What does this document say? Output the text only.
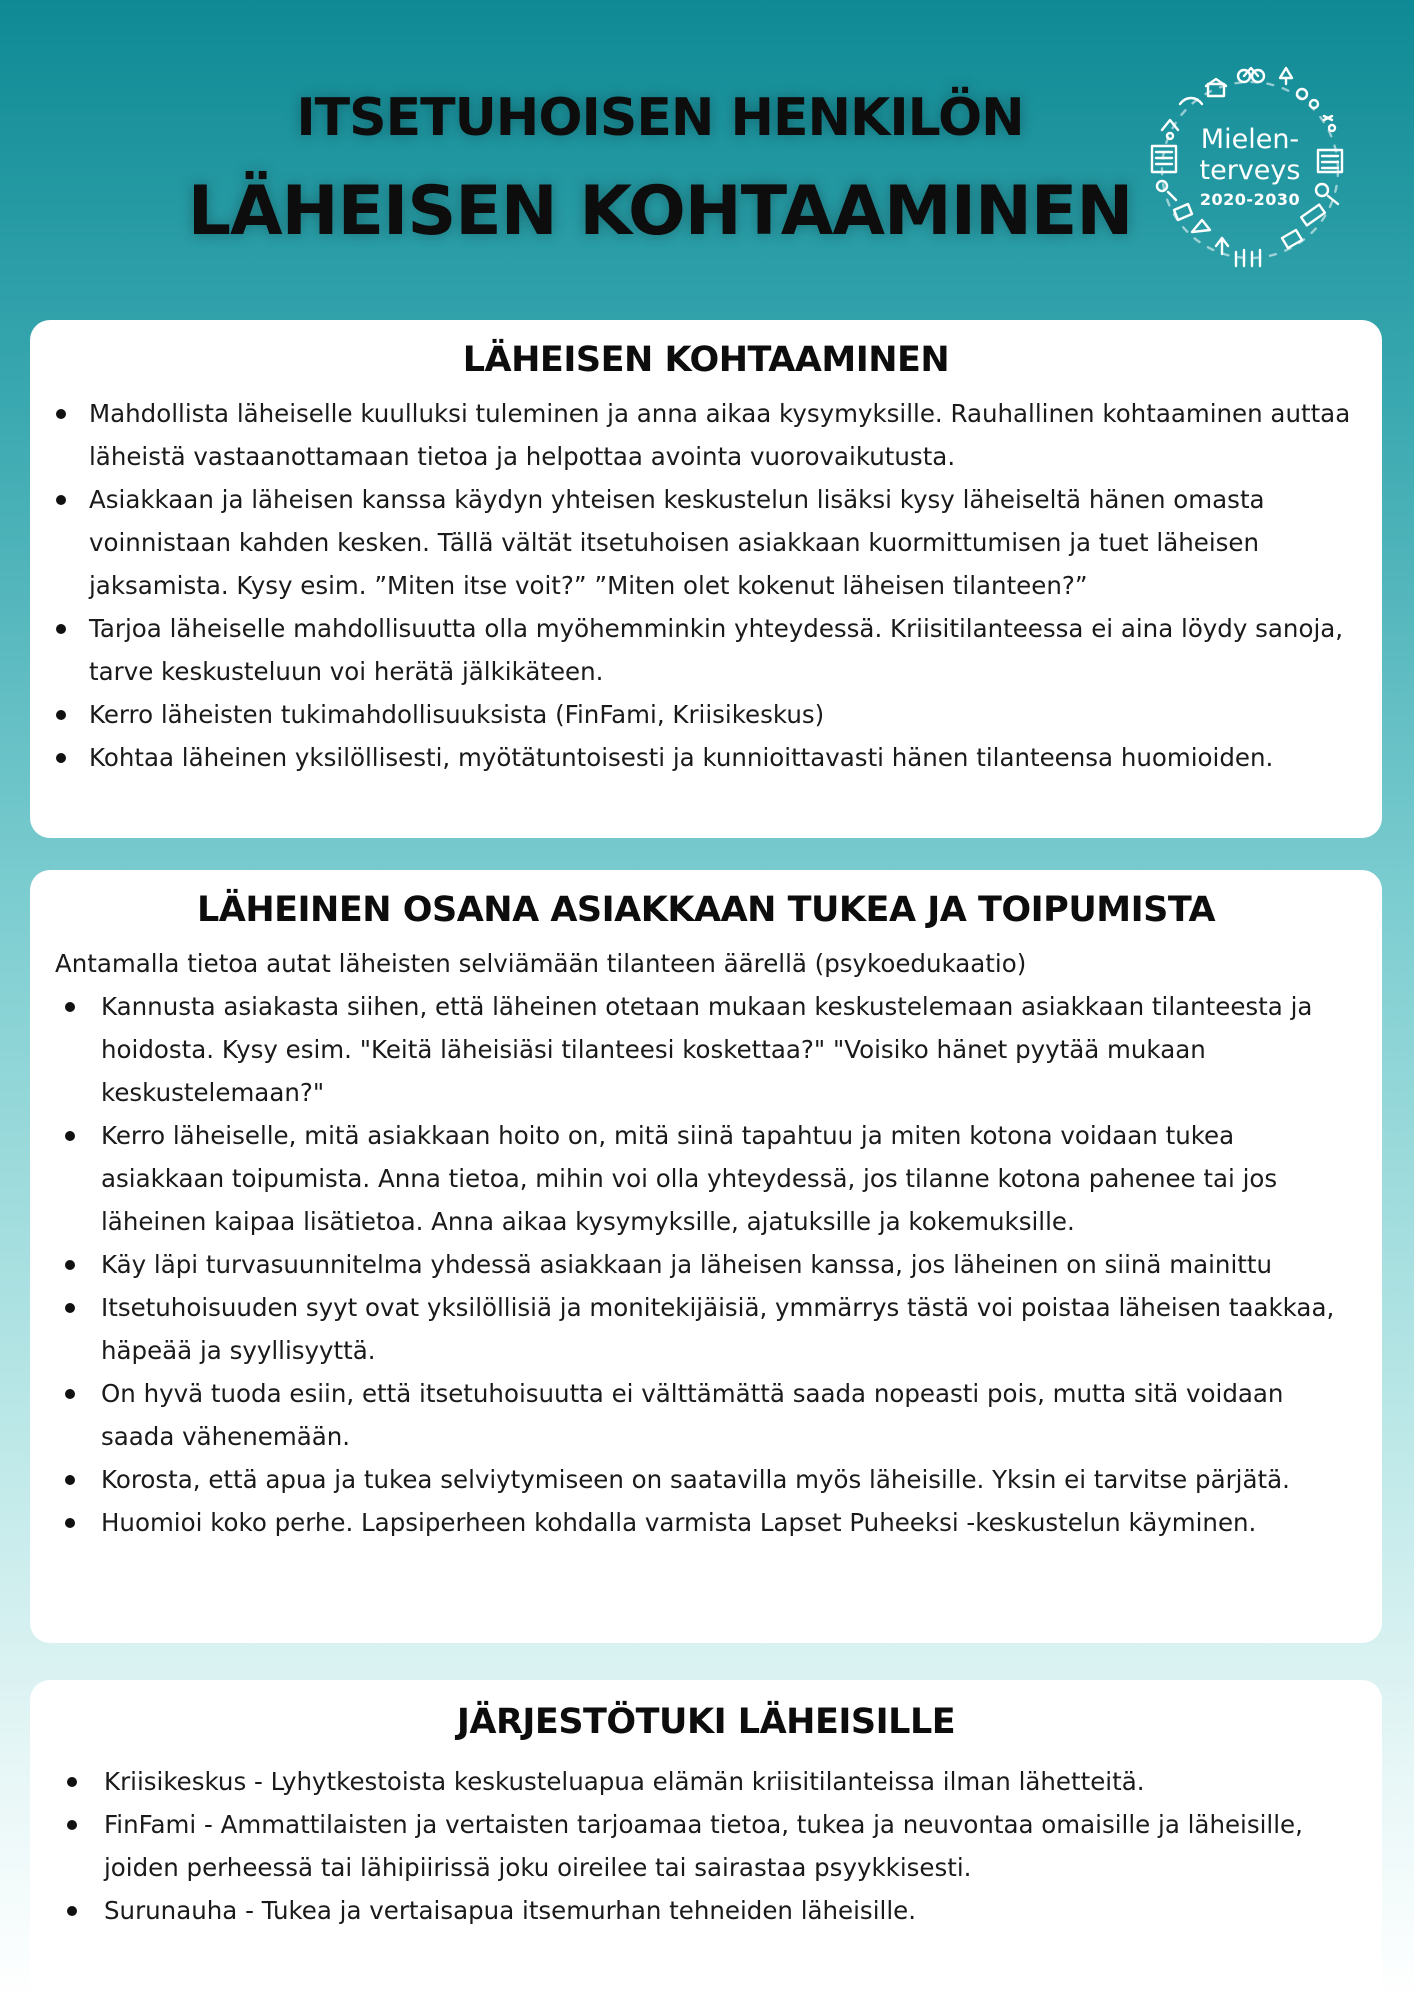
ITSETUHOISEN HENKILÖN
LÄHEISEN KOHTAAMINEN
Mielen-
terveys
2020-2030
LÄHEISEN KOHTAAMINEN
Mahdollista läheiselle kuulluksi tuleminen ja anna aikaa kysymyksille. Rauhallinen kohtaaminen auttaa läheistä vastaanottamaan tietoa ja helpottaa avointa vuorovaikutusta.
Asiakkaan ja läheisen kanssa käydyn yhteisen keskustelun lisäksi kysy läheiseltä hänen omasta voinnistaan kahden kesken. Tällä vältät itsetuhoisen asiakkaan kuormittumisen ja tuet läheisen jaksamista. Kysy esim. ”Miten itse voit?” ”Miten olet kokenut läheisen tilanteen?”
Tarjoa läheiselle mahdollisuutta olla myöhemminkin yhteydessä. Kriisitilanteessa ei aina löydy sanoja, tarve keskusteluun voi herätä jälkikäteen.
Kerro läheisten tukimahdollisuuksista (FinFami, Kriisikeskus)
Kohtaa läheinen yksilöllisesti, myötätuntoisesti ja kunnioittavasti hänen tilanteensa huomioiden.
LÄHEINEN OSANA ASIAKKAAN TUKEA JA TOIPUMISTA
Antamalla tietoa autat läheisten selviämään tilanteen äärellä (psykoedukaatio)
Kannusta asiakasta siihen, että läheinen otetaan mukaan keskustelemaan asiakkaan tilanteesta ja hoidosta. Kysy esim. "Keitä läheisiäsi tilanteesi koskettaa?" "Voisiko hänet pyytää mukaan keskustelemaan?"
Kerro läheiselle, mitä asiakkaan hoito on, mitä siinä tapahtuu ja miten kotona voidaan tukea asiakkaan toipumista. Anna tietoa, mihin voi olla yhteydessä, jos tilanne kotona pahenee tai jos läheinen kaipaa lisätietoa. Anna aikaa kysymyksille, ajatuksille ja kokemuksille.
Käy läpi turvasuunnitelma yhdessä asiakkaan ja läheisen kanssa, jos läheinen on siinä mainittu
Itsetuhoisuuden syyt ovat yksilöllisiä ja monitekijäisiä, ymmärrys tästä voi poistaa läheisen taakkaa, häpeää ja syyllisyyttä.
On hyvä tuoda esiin, että itsetuhoisuutta ei välttämättä saada nopeasti pois, mutta sitä voidaan saada vähenemään.
Korosta, että apua ja tukea selviytymiseen on saatavilla myös läheisille. Yksin ei tarvitse pärjätä.
Huomioi koko perhe. Lapsiperheen kohdalla varmista Lapset Puheeksi -keskustelun käyminen.
JÄRJESTÖTUKI LÄHEISILLE
Kriisikeskus - Lyhytkestoista keskusteluapua elämän kriisitilanteissa ilman lähetteitä.
FinFami - Ammattilaisten ja vertaisten tarjoamaa tietoa, tukea ja neuvontaa omaisille ja läheisille, joiden perheessä tai lähipiirissä joku oireilee tai sairastaa psyykkisesti.
Surunauha - Tukea ja vertaisapua itsemurhan tehneiden läheisille.
